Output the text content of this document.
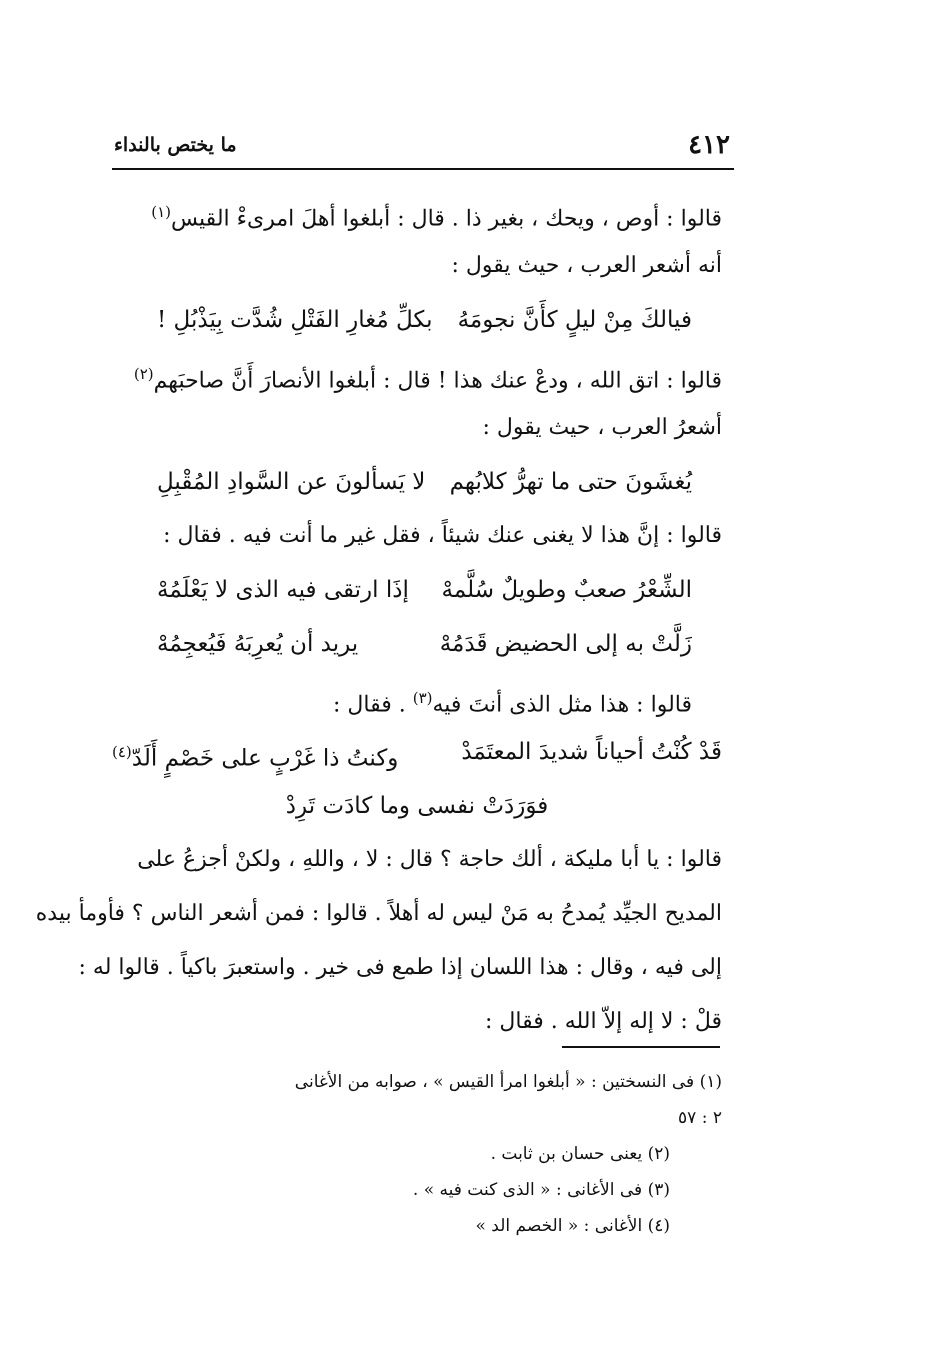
٤١٢
ما يختص بالنداء
قالوا : أوص ، ويحك ، بغير ذا . قال : أبلغوا أهلَ امرىءْ القيس$^{(١)}$
أنه أشعر العرب ، حيث يقول :
فيالكَ مِنْ ليلٍ كأَنَّ نجومَهُ
بكلِّ مُغارِ الفَتْلِ شُدَّت بِيَذْبُلِ !
قالوا : اتق الله ، ودعْ عنك هذا ! قال : أبلغوا الأنصارَ أَنَّ صاحبَهم$^{(٢)}$
أشعرُ العرب ، حيث يقول :
يُغشَونَ حتى ما تهرُّ كلابُهم
لا يَسألونَ عن السَّوادِ المُقْبِلِ
قالوا : إنَّ هذا لا يغنى عنك شيئاً ، فقل غير ما أنت فيه . فقال :
الشِّعْرُ صعبٌ وطويلٌ سُلَّمهْ
إذَا ارتقى فيه الذى لا يَعْلَمُهْ
زَلَّتْ به إلى الحضيض قَدَمُهْ
يريد أن يُعرِبَهُ فَيُعجِمُهْ
قالوا : هذا مثل الذى أنتَ فيه$^{(٣)}$ . فقال :
قَدْ كُنْتُ أحياناً شديدَ المعتَمَدْ
وكنتُ ذا غَرْبٍ على خَصْمٍ أَلَدّ$^{(٤)}$
فوَرَدَتْ نفسى وما كادَت تَرِدْ
قالوا : يا أبا مليكة ، ألك حاجة ؟ قال : لا ، واللهِ ، ولكنْ أجزعُ على
المديح الجيِّد يُمدحُ به مَنْ ليس له أهلاً . قالوا : فمن أشعر الناس ؟ فأومأ بيده
إلى فيه ، وقال : هذا اللسان إذا طمع فى خير . واستعبرَ باكياً . قالوا له :
قلْ : لا إله إلاّ الله . فقال :
(١) فى النسختين : « أبلغوا امرأ القيس » ، صوابه من الأغانى
٢ : ٥٧
(٢) يعنى حسان بن ثابت .
(٣) فى الأغانى : « الذى كنت فيه » .
(٤) الأغانى : « الخصم الد »
